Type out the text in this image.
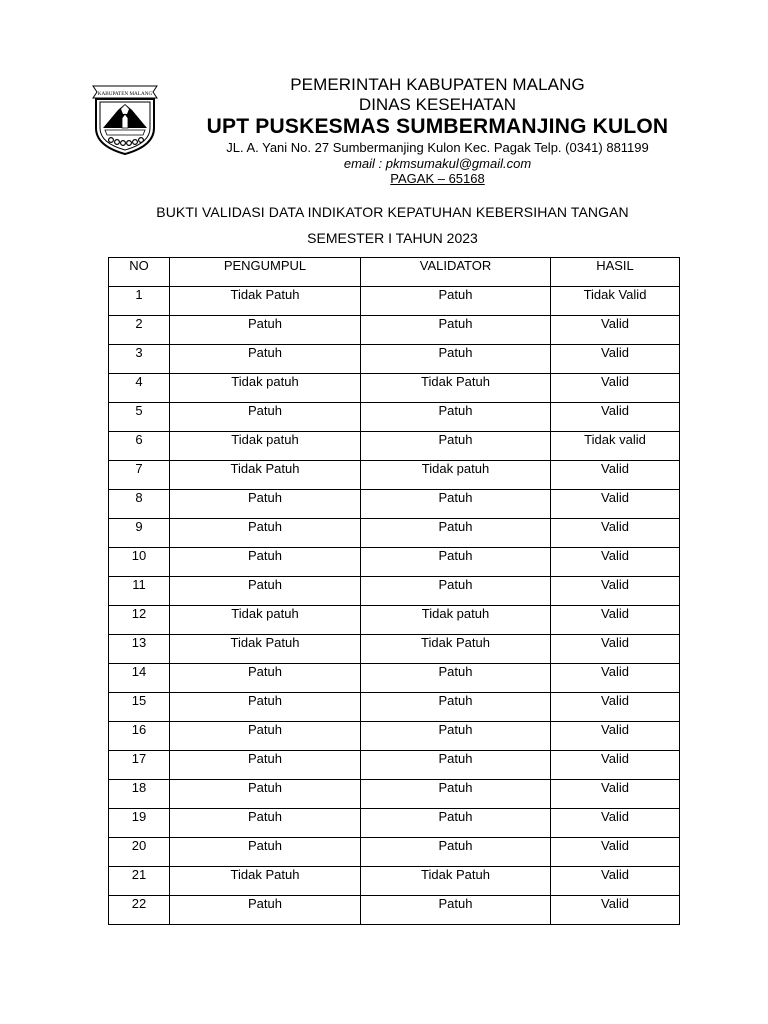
KABUPATEN MALANG	PEMERINTAH KABUPATEN MALANG
DINAS KESEHATAN
UPT PUSKESMAS SUMBERMANJING KULON
JL. A. Yani No. 27 Sumbermanjing Kulon Kec. Pagak Telp. (0341) 881199
email : pkmsumakul@gmail.com
PAGAK – 65168
BUKTI VALIDASI DATA INDIKATOR KEPATUHAN KEBERSIHAN TANGAN
SEMESTER I TAHUN 2023
NO	PENGUMPUL	VALIDATOR	HASIL

1	Tidak Patuh	Patuh	Tidak Valid

2	Patuh	Patuh	Valid

3	Patuh	Patuh	Valid

4	Tidak patuh	Tidak Patuh	Valid

5	Patuh	Patuh	Valid

6	Tidak patuh	Patuh	Tidak valid

7	Tidak Patuh	Tidak patuh	Valid

8	Patuh	Patuh	Valid

9	Patuh	Patuh	Valid

10	Patuh	Patuh	Valid

11	Patuh	Patuh	Valid

12	Tidak patuh	Tidak patuh	Valid

13	Tidak Patuh	Tidak Patuh	Valid

14	Patuh	Patuh	Valid

15	Patuh	Patuh	Valid

16	Patuh	Patuh	Valid

17	Patuh	Patuh	Valid

18	Patuh	Patuh	Valid

19	Patuh	Patuh	Valid

20	Patuh	Patuh	Valid

21	Tidak Patuh	Tidak Patuh	Valid

22	Patuh	Patuh	Valid
